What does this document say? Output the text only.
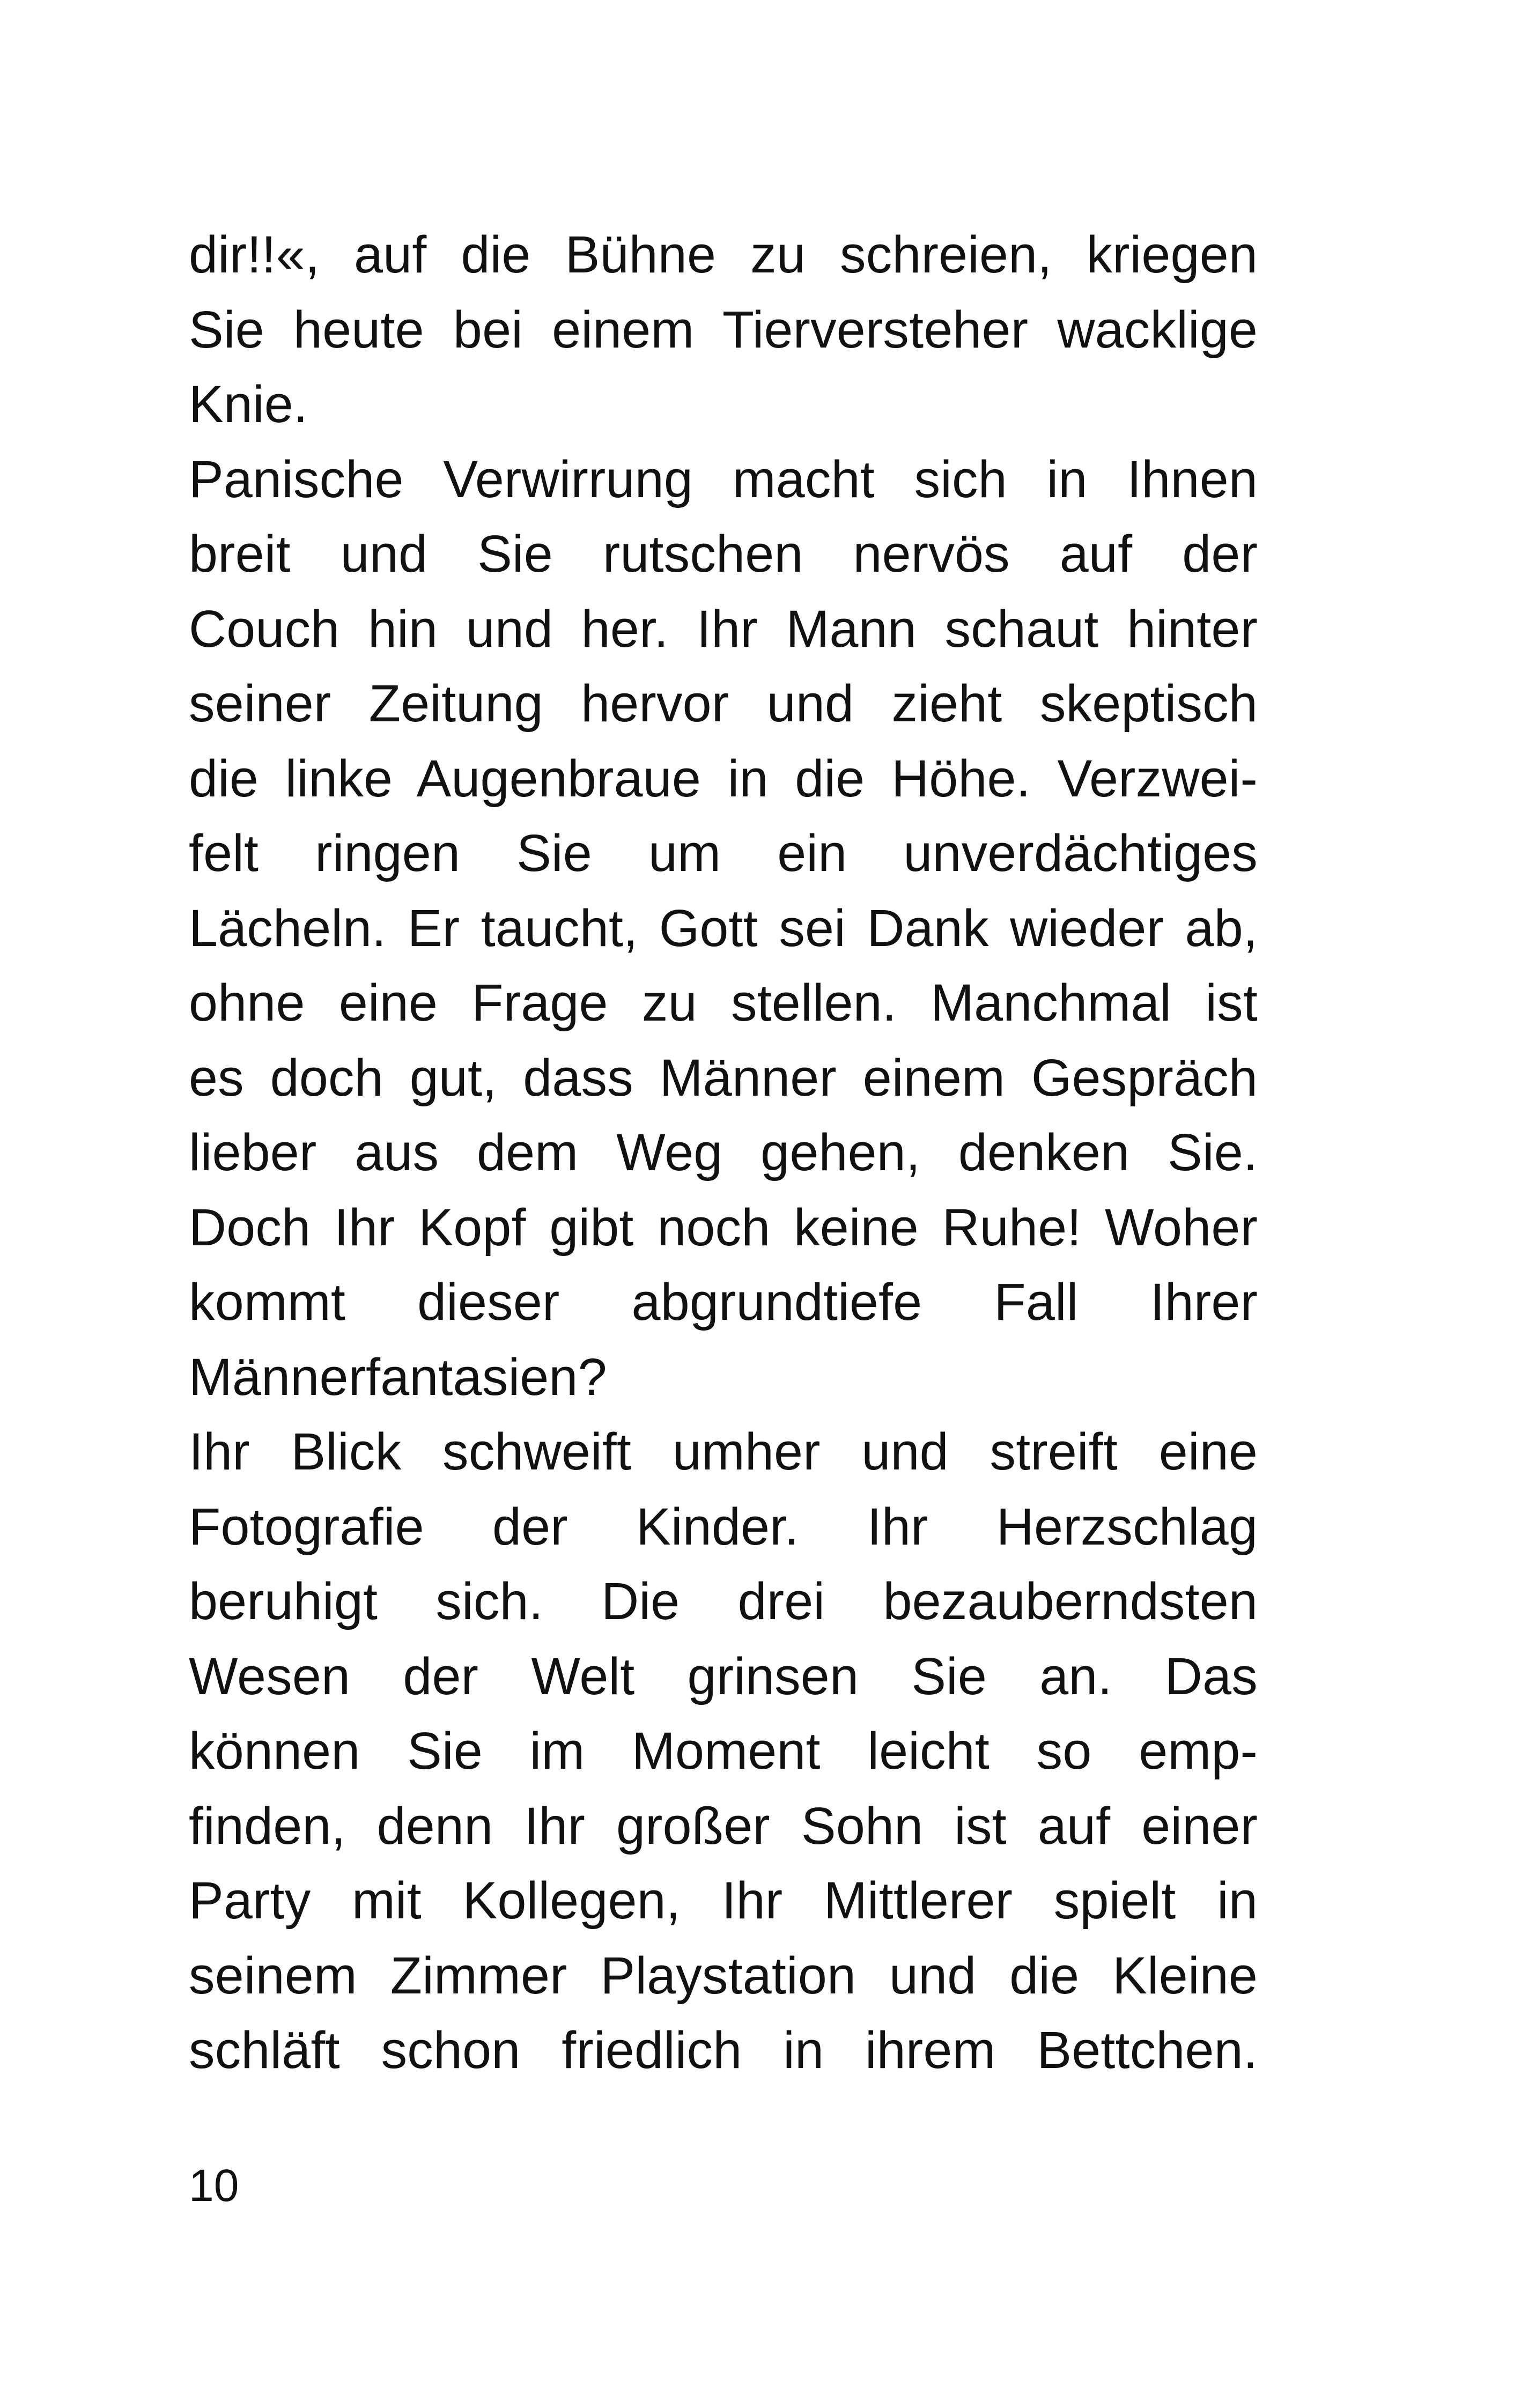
dir!!«, auf die Bühne zu schreien, kriegen
Sie heute bei einem Tierversteher wacklige
Knie.
Panische Verwirrung macht sich in Ihnen
breit und Sie rutschen nervös auf der
Couch hin und her. Ihr Mann schaut hinter
seiner Zeitung hervor und zieht skeptisch
die linke Augenbraue in die Höhe. Verzwei-
felt ringen Sie um ein unverdächtiges
Lächeln. Er taucht, Gott sei Dank wieder ab,
ohne eine Frage zu stellen. Manchmal ist
es doch gut, dass Männer einem Gespräch
lieber aus dem Weg gehen, denken Sie.
Doch Ihr Kopf gibt noch keine Ruhe! Woher
kommt dieser abgrundtiefe Fall Ihrer
Männerfantasien?
Ihr Blick schweift umher und streift eine
Fotografie der Kinder. Ihr Herzschlag
beruhigt sich. Die drei bezauberndsten
Wesen der Welt grinsen Sie an. Das
können Sie im Moment leicht so emp-
finden, denn Ihr großer Sohn ist auf einer
Party mit Kollegen, Ihr Mittlerer spielt in
seinem Zimmer Playstation und die Kleine
schläft schon friedlich in ihrem Bettchen.
10
